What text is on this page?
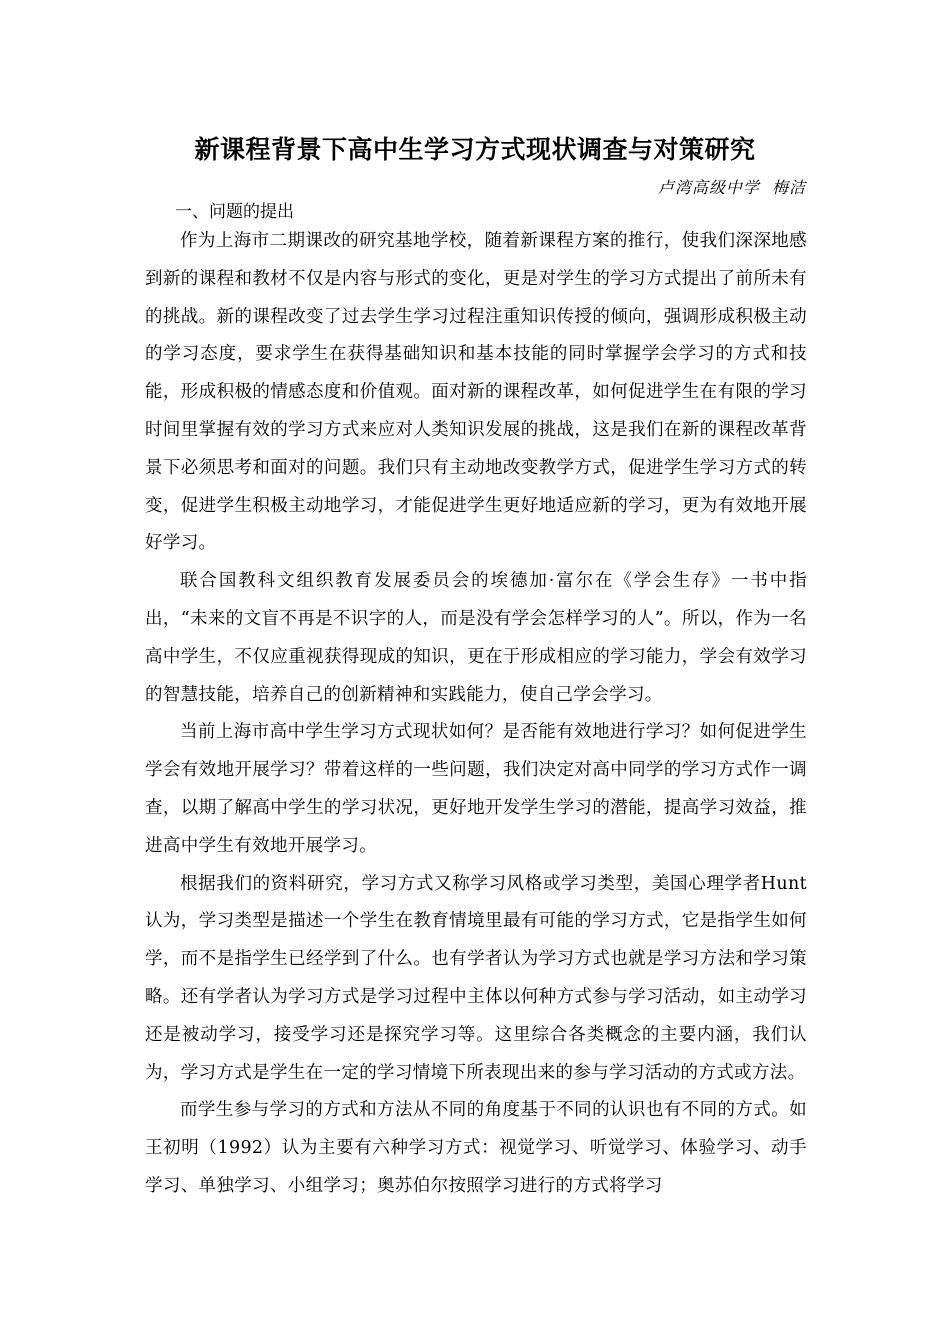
新课程背景下高中生学习方式现状调查与对策研究
卢湾高级中学  梅洁
一、问题的提出

作为上海市二期课改的研究基地学校，随着新课程方案的推行，使我们深深地感到新的课程和教材不仅是内容与形式的变化，更是对学生的学习方式提出了前所未有的挑战。新的课程改变了过去学生学习过程注重知识传授的倾向，强调形成积极主动的学习态度，要求学生在获得基础知识和基本技能的同时掌握学会学习的方式和技能，形成积极的情感态度和价值观。面对新的课程改革，如何促进学生在有限的学习时间里掌握有效的学习方式来应对人类知识发展的挑战，这是我们在新的课程改革背景下必须思考和面对的问题。我们只有主动地改变教学方式，促进学生学习方式的转变，促进学生积极主动地学习，才能促进学生更好地适应新的学习，更为有效地开展好学习。

联合国教科文组织教育发展委员会的埃德加·富尔在《学会生存》一书中指出，“未来的文盲不再是不识字的人，而是没有学会怎样学习的人”。所以，作为一名高中学生，不仅应重视获得现成的知识，更在于形成相应的学习能力，学会有效学习的智慧技能，培养自己的创新精神和实践能力，使自己学会学习。

当前上海市高中学生学习方式现状如何？是否能有效地进行学习？如何促进学生学会有效地开展学习？带着这样的一些问题，我们决定对高中同学的学习方式作一调查，以期了解高中学生的学习状况，更好地开发学生学习的潜能，提高学习效益，推进高中学生有效地开展学习。

根据我们的资料研究，学习方式又称学习风格或学习类型，美国心理学者Hunt认为，学习类型是描述一个学生在教育情境里最有可能的学习方式，它是指学生如何学，而不是指学生已经学到了什么。也有学者认为学习方式也就是学习方法和学习策略。还有学者认为学习方式是学习过程中主体以何种方式参与学习活动，如主动学习还是被动学习，接受学习还是探究学习等。这里综合各类概念的主要内涵，我们认为，学习方式是学生在一定的学习情境下所表现出来的参与学习活动的方式或方法。

而学生参与学习的方式和方法从不同的角度基于不同的认识也有不同的方式。如王初明（1992）认为主要有六种学习方式：视觉学习、听觉学习、体验学习、动手学习、单独学习、小组学习；奥苏伯尔按照学习进行的方式将学习
